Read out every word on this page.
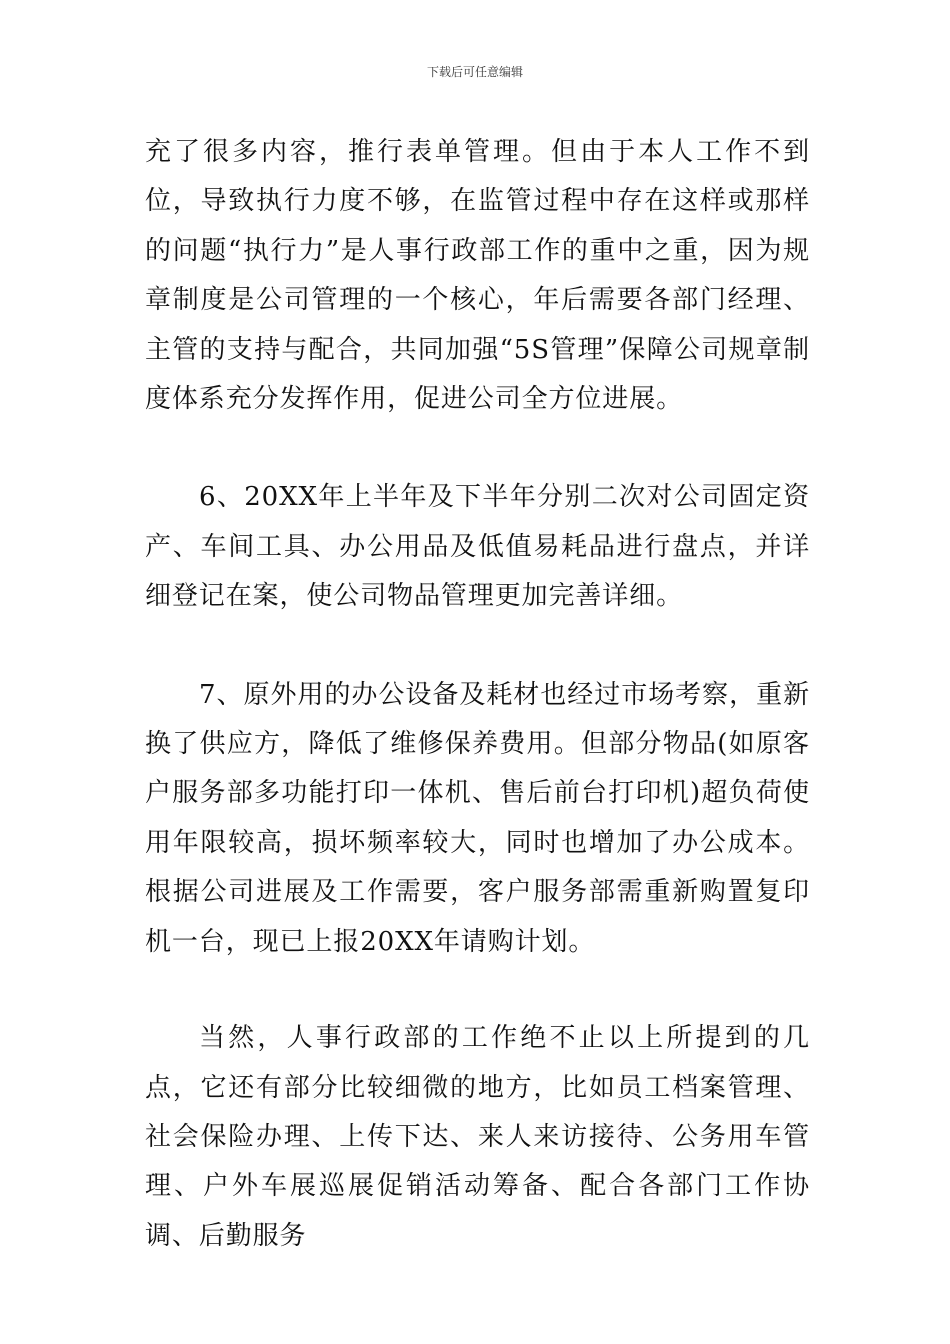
下载后可任意编辑

充了很多内容，推行表单管理。但由于本人工作不到位，导致执行力度不够，在监管过程中存在这样或那样的问题“执行力”是人事行政部工作的重中之重，因为规章制度是公司管理的一个核心，年后需要各部门经理、主管的支持与配合，共同加强“5S管理”保障公司规章制度体系充分发挥作用，促进公司全方位进展。

6、20XX年上半年及下半年分别二次对公司固定资产、车间工具、办公用品及低值易耗品进行盘点，并详细登记在案，使公司物品管理更加完善详细。

7、原外用的办公设备及耗材也经过市场考察，重新换了供应方，降低了维修保养费用。但部分物品(如原客户服务部多功能打印一体机、售后前台打印机)超负荷使用年限较高，损坏频率较大，同时也增加了办公成本。根据公司进展及工作需要，客户服务部需重新购置复印机一台，现已上报20XX年请购计划。

当然，人事行政部的工作绝不止以上所提到的几点，它还有部分比较细微的地方，比如员工档案管理、社会保险办理、上传下达、来人来访接待、公务用车管理、户外车展巡展促销活动筹备、配合各部门工作协调、后勤服务
